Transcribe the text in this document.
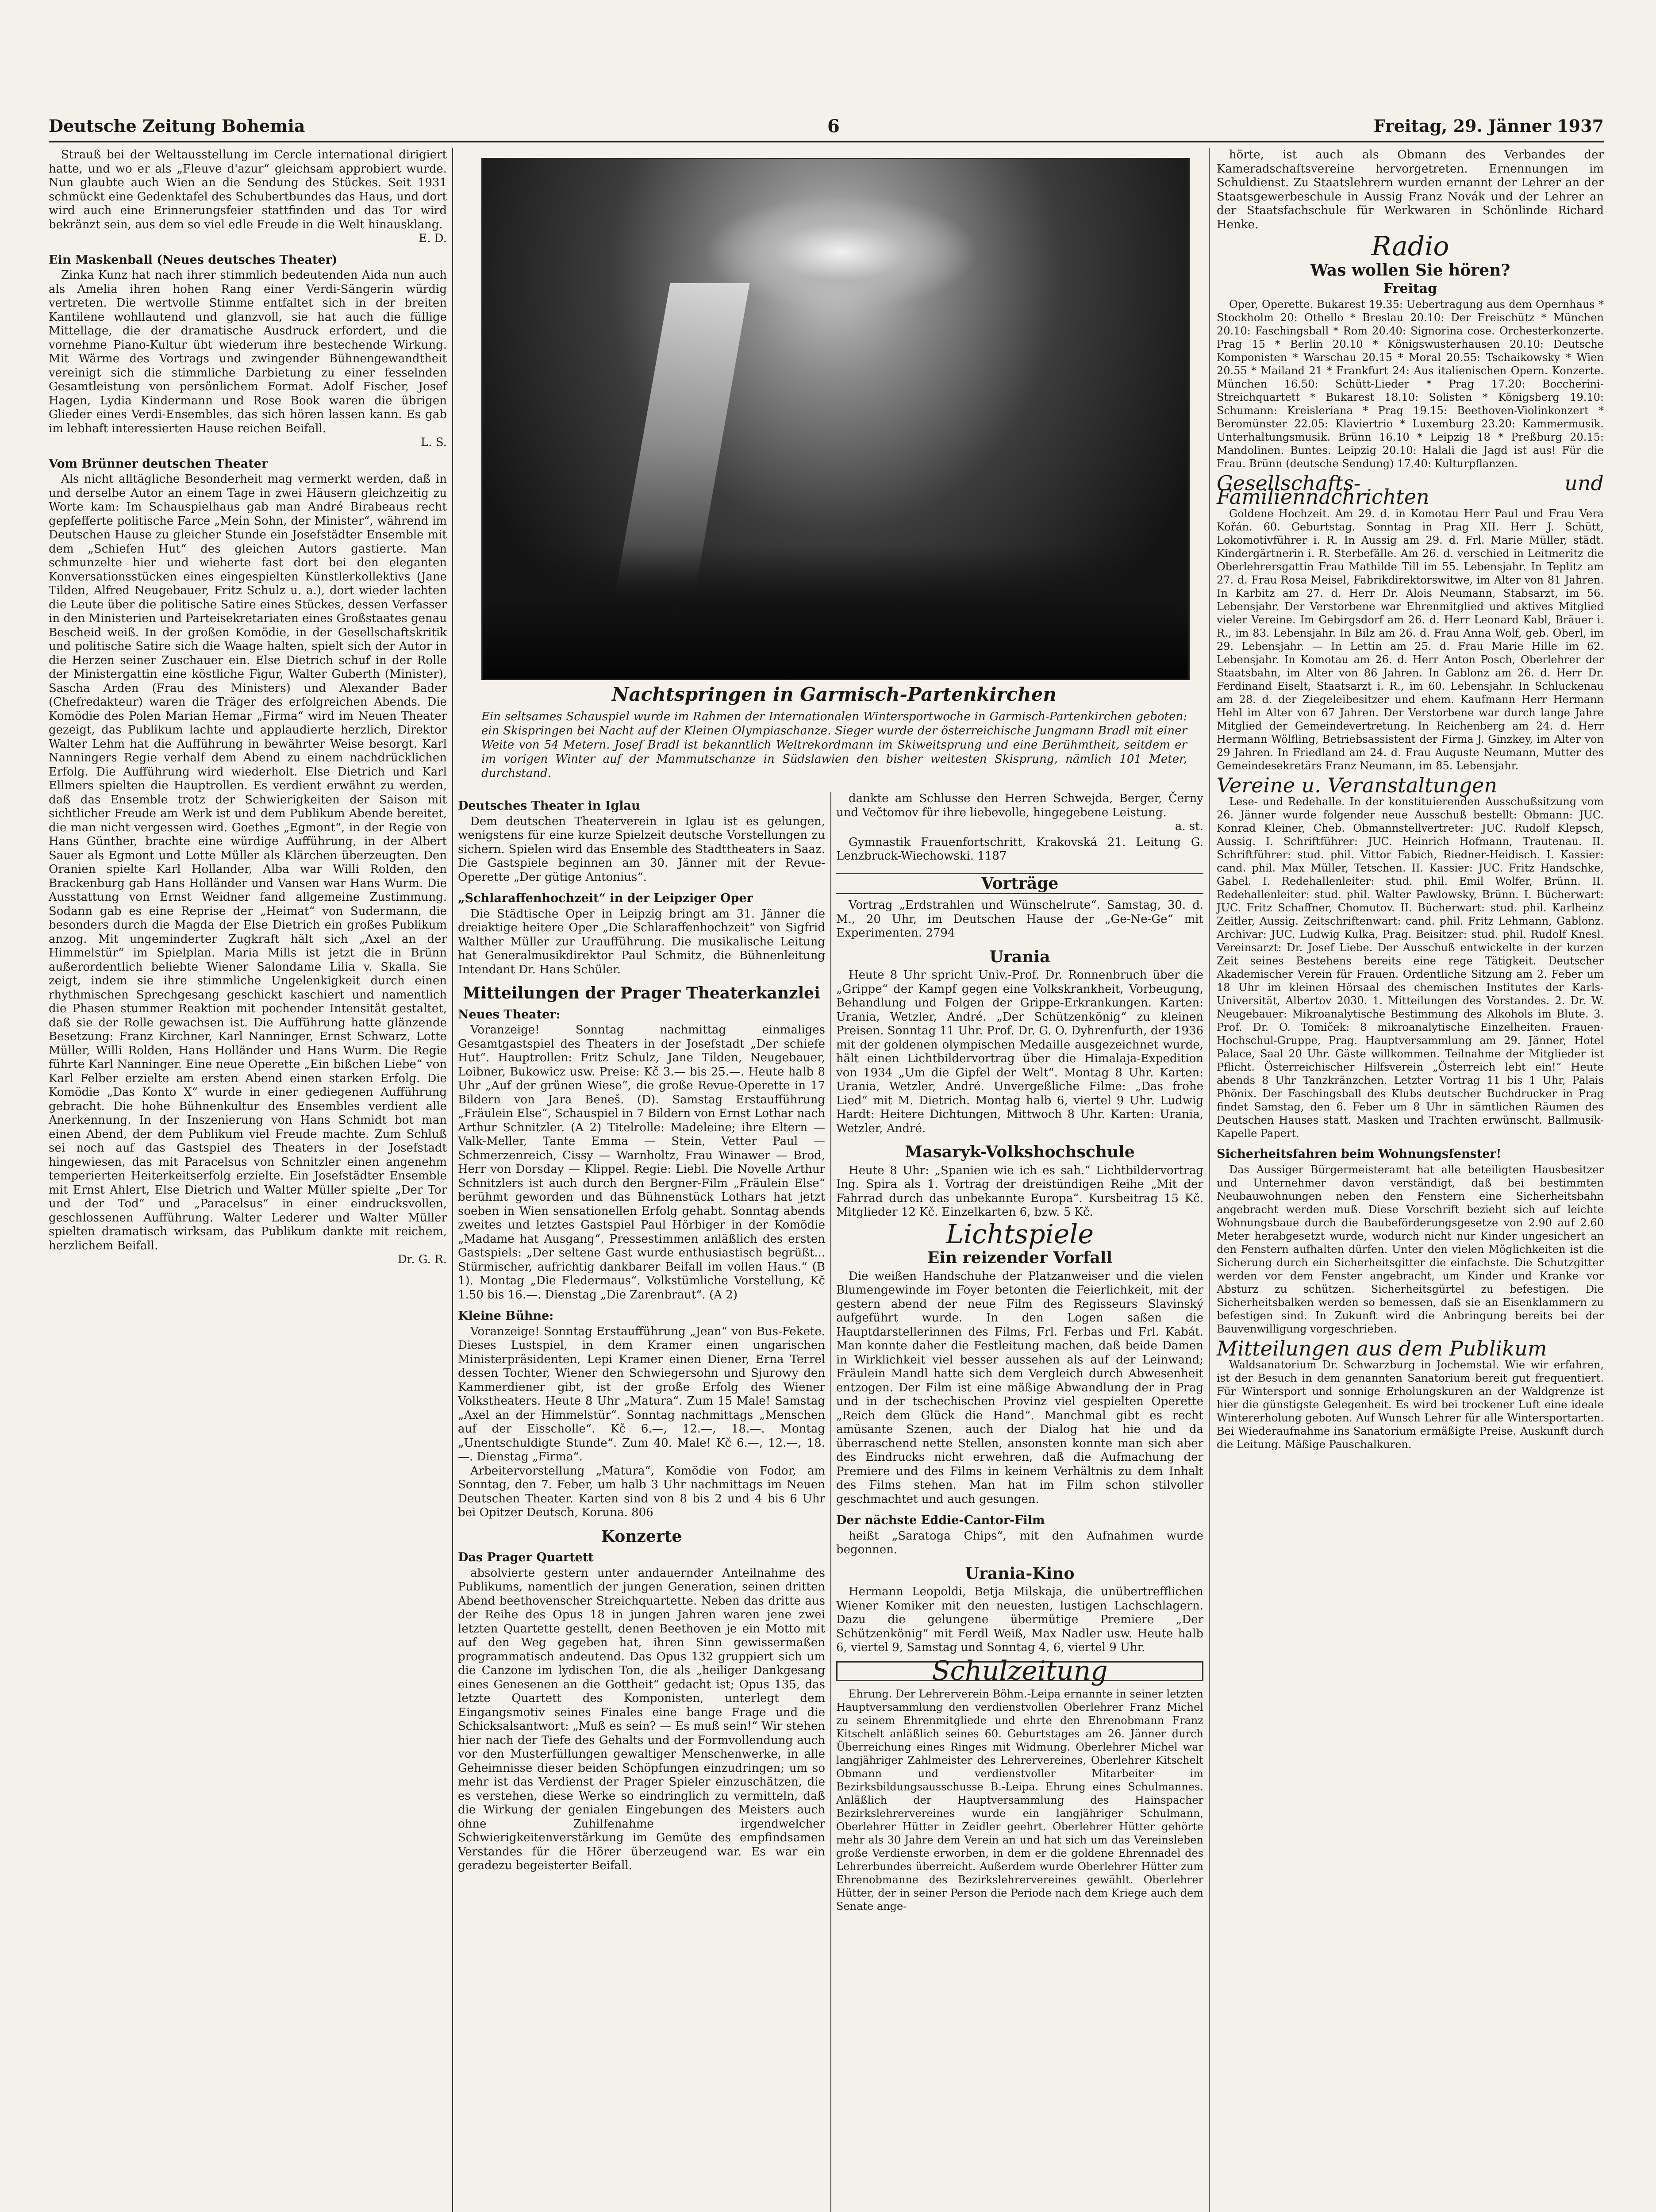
Deutsche Zeitung Bohemia	6	Freitag, 29. Jänner 1937

Strauß bei der Weltausstellung im Cercle international dirigiert hatte, und wo er als „Fleuve d'azur“ gleichsam approbiert wurde. Nun glaubte auch Wien an die Sendung des Stückes. Seit 1931 schmückt eine Gedenktafel des Schubertbundes das Haus, und dort wird auch eine Erinnerungsfeier stattfinden und das Tor wird bekränzt sein, aus dem so viel edle Freude in die Welt hinausklang.

E. D.
Ein Maskenball (Neues deutsches Theater)

Zinka Kunz hat nach ihrer stimmlich bedeutenden Aida nun auch als Amelia ihren hohen Rang einer Verdi-Sängerin würdig vertreten. Die wertvolle Stimme entfaltet sich in der breiten Kantilene wohllautend und glanzvoll, sie hat auch die füllige Mittellage, die der dramatische Ausdruck erfordert, und die vornehme Piano-Kultur übt wiederum ihre bestechende Wirkung. Mit Wärme des Vortrags und zwingender Bühnengewandtheit vereinigt sich die stimmliche Darbietung zu einer fesselnden Gesamtleistung von persönlichem Format. Adolf Fischer, Josef Hagen, Lydia Kindermann und Rose Book waren die übrigen Glieder eines Verdi-Ensembles, das sich hören lassen kann. Es gab im lebhaft interessierten Hause reichen Beifall.

L. S.
Vom Brünner deutschen Theater

Als nicht alltägliche Besonderheit mag vermerkt werden, daß in und derselbe Autor an einem Tage in zwei Häusern gleichzeitig zu Worte kam: Im Schauspielhaus gab man André Birabeaus recht gepfefferte politische Farce „Mein Sohn, der Minister“, während im Deutschen Hause zu gleicher Stunde ein Josefstädter Ensemble mit dem „Schiefen Hut“ des gleichen Autors gastierte. Man schmunzelte hier und wieherte fast dort bei den eleganten Konversationsstücken eines eingespielten Künstlerkollektivs (Jane Tilden, Alfred Neugebauer, Fritz Schulz u. a.), dort wieder lachten die Leute über die politische Satire eines Stückes, dessen Verfasser in den Ministerien und Parteisekretariaten eines Großstaates genau Bescheid weiß. In der großen Komödie, in der Gesellschaftskritik und politische Satire sich die Waage halten, spielt sich der Autor in die Herzen seiner Zuschauer ein. Else Dietrich schuf in der Rolle der Ministergattin eine köstliche Figur, Walter Guberth (Minister), Sascha Arden (Frau des Ministers) und Alexander Bader (Chefredakteur) waren die Träger des erfolgreichen Abends. Die Komödie des Polen Marian Hemar „Firma“ wird im Neuen Theater gezeigt, das Publikum lachte und applaudierte herzlich, Direktor Walter Lehm hat die Aufführung in bewährter Weise besorgt. Karl Nanningers Regie verhalf dem Abend zu einem nachdrücklichen Erfolg. Die Aufführung wird wiederholt. Else Dietrich und Karl Ellmers spielten die Hauptrollen. Es verdient erwähnt zu werden, daß das Ensemble trotz der Schwierigkeiten der Saison mit sichtlicher Freude am Werk ist und dem Publikum Abende bereitet, die man nicht vergessen wird. Goethes „Egmont“, in der Regie von Hans Günther, brachte eine würdige Aufführung, in der Albert Sauer als Egmont und Lotte Müller als Klärchen überzeugten. Den Oranien spielte Karl Hollander, Alba war Willi Rolden, den Brackenburg gab Hans Holländer und Vansen war Hans Wurm. Die Ausstattung von Ernst Weidner fand allgemeine Zustimmung. Sodann gab es eine Reprise der „Heimat“ von Sudermann, die besonders durch die Magda der Else Dietrich ein großes Publikum anzog. Mit ungeminderter Zugkraft hält sich „Axel an der Himmelstür“ im Spielplan. Maria Mills ist jetzt die in Brünn außerordentlich beliebte Wiener Salondame Lilia v. Skalla. Sie zeigt, indem sie ihre stimmliche Ungelenkigkeit durch einen rhythmischen Sprechgesang geschickt kaschiert und namentlich die Phasen stummer Reaktion mit pochender Intensität gestaltet, daß sie der Rolle gewachsen ist. Die Aufführung hatte glänzende Besetzung: Franz Kirchner, Karl Nanninger, Ernst Schwarz, Lotte Müller, Willi Rolden, Hans Holländer und Hans Wurm. Die Regie führte Karl Nanninger. Eine neue Operette „Ein bißchen Liebe“ von Karl Felber erzielte am ersten Abend einen starken Erfolg. Die Komödie „Das Konto X“ wurde in einer gediegenen Aufführung gebracht. Die hohe Bühnenkultur des Ensembles verdient alle Anerkennung. In der Inszenierung von Hans Schmidt bot man einen Abend, der dem Publikum viel Freude machte. Zum Schluß sei noch auf das Gastspiel des Theaters in der Josefstadt hingewiesen, das mit Paracelsus von Schnitzler einen angenehm temperierten Heiterkeitserfolg erzielte. Ein Josefstädter Ensemble mit Ernst Ahlert, Else Dietrich und Walter Müller spielte „Der Tor und der Tod“ und „Paracelsus“ in einer eindrucksvollen, geschlossenen Aufführung. Walter Lederer und Walter Müller spielten dramatisch wirksam, das Publikum dankte mit reichem, herzlichem Beifall.

Dr. G. R.
Nachtspringen in Garmisch-Partenkirchen
Ein seltsames Schauspiel wurde im Rahmen der Internationalen Wintersportwoche in Garmisch-Partenkirchen geboten: ein Skispringen bei Nacht auf der Kleinen Olympiaschanze. Sieger wurde der österreichische Jungmann Bradl mit einer Weite von 54 Metern. Josef Bradl ist bekanntlich Weltrekordmann im Skiweitsprung und eine Berühmtheit, seitdem er im vorigen Winter auf der Mammutschanze in Südslawien den bisher weitesten Skisprung, nämlich 101 Meter, durchstand.
Deutsches Theater in Iglau

Dem deutschen Theaterverein in Iglau ist es gelungen, wenigstens für eine kurze Spielzeit deutsche Vorstellungen zu sichern. Spielen wird das Ensemble des Stadttheaters in Saaz. Die Gastspiele beginnen am 30. Jänner mit der Revue-Operette „Der gütige Antonius“.

„Schlaraffenhochzeit“ in der Leipziger Oper

Die Städtische Oper in Leipzig bringt am 31. Jänner die dreiaktige heitere Oper „Die Schlaraffenhochzeit“ von Sigfrid Walther Müller zur Uraufführung. Die musikalische Leitung hat Generalmusikdirektor Paul Schmitz, die Bühnenleitung Intendant Dr. Hans Schüler.

Mitteilungen der Prager Theaterkanzlei
Neues Theater:

Voranzeige! Sonntag nachmittag einmaliges Gesamtgastspiel des Theaters in der Josefstadt „Der schiefe Hut“. Hauptrollen: Fritz Schulz, Jane Tilden, Neugebauer, Loibner, Bukowicz usw. Preise: Kč 3.— bis 25.—. Heute halb 8 Uhr „Auf der grünen Wiese“, die große Revue-Operette in 17 Bildern von Jara Beneš. (D). Samstag Erstaufführung „Fräulein Else“, Schauspiel in 7 Bildern von Ernst Lothar nach Arthur Schnitzler. (A 2) Titelrolle: Madeleine; ihre Eltern — Valk-Meller, Tante Emma — Stein, Vetter Paul — Schmerzenreich, Cissy — Warnholtz, Frau Winawer — Brod, Herr von Dorsday — Klippel. Regie: Liebl. Die Novelle Arthur Schnitzlers ist auch durch den Bergner-Film „Fräulein Else“ berühmt geworden und das Bühnenstück Lothars hat jetzt soeben in Wien sensationellen Erfolg gehabt. Sonntag abends zweites und letztes Gastspiel Paul Hörbiger in der Komödie „Madame hat Ausgang“. Pressestimmen anläßlich des ersten Gastspiels: „Der seltene Gast wurde enthusiastisch begrüßt... Stürmischer, aufrichtig dankbarer Beifall im vollen Haus.“ (B 1). Montag „Die Fledermaus“. Volkstümliche Vorstellung, Kč 1.50 bis 16.—. Dienstag „Die Zarenbraut“. (A 2)

Kleine Bühne:

Voranzeige! Sonntag Erstaufführung „Jean“ von Bus-Fekete. Dieses Lustspiel, in dem Kramer einen ungarischen Ministerpräsidenten, Lepi Kramer einen Diener, Erna Terrel dessen Tochter, Wiener den Schwiegersohn und Sjurowy den Kammerdiener gibt, ist der große Erfolg des Wiener Volkstheaters. Heute 8 Uhr „Matura“. Zum 15 Male! Samstag „Axel an der Himmelstür“. Sonntag nachmittags „Menschen auf der Eisscholle“. Kč 6.—, 12.—, 18.—. Montag „Unentschuldigte Stunde“. Zum 40. Male! Kč 6.—, 12.—, 18.—. Dienstag „Firma“.

Arbeitervorstellung „Matura“, Komödie von Fodor, am Sonntag, den 7. Feber, um halb 3 Uhr nachmittags im Neuen Deutschen Theater. Karten sind von 8 bis 2 und 4 bis 6 Uhr bei Opitzer Deutsch, Koruna. 806

Konzerte
Das Prager Quartett

absolvierte gestern unter andauernder Anteilnahme des Publikums, namentlich der jungen Generation, seinen dritten Abend beethovenscher Streichquartette. Neben das dritte aus der Reihe des Opus 18 in jungen Jahren waren jene zwei letzten Quartette gestellt, denen Beethoven je ein Motto mit auf den Weg gegeben hat, ihren Sinn gewissermaßen programmatisch andeutend. Das Opus 132 gruppiert sich um die Canzone im lydischen Ton, die als „heiliger Dankgesang eines Genesenen an die Gottheit“ gedacht ist; Opus 135, das letzte Quartett des Komponisten, unterlegt dem Eingangsmotiv seines Finales eine bange Frage und die Schicksalsantwort: „Muß es sein? — Es muß sein!“ Wir stehen hier nach der Tiefe des Gehalts und der Formvollendung auch vor den Musterfüllungen gewaltiger Menschenwerke, in alle Geheimnisse dieser beiden Schöpfungen einzudringen; um so mehr ist das Verdienst der Prager Spieler einzuschätzen, die es verstehen, diese Werke so eindringlich zu vermitteln, daß die Wirkung der genialen Eingebungen des Meisters auch ohne Zuhilfenahme irgendwelcher Schwierigkeitenverstärkung im Gemüte des empfindsamen Verstandes für die Hörer überzeugend war. Es war ein geradezu begeisterter Beifall.

dankte am Schlusse den Herren Schwejda, Berger, Černy und Večtomov für ihre liebevolle, hingegebene Leistung.

a. st.

Gymnastik Frauenfortschritt, Krakovská 21. Leitung G. Lenzbruck-Wiechowski. 1187

Vorträge

Vortrag „Erdstrahlen und Wünschelrute“. Samstag, 30. d. M., 20 Uhr, im Deutschen Hause der „Ge-Ne-Ge“ mit Experimenten. 2794

Urania

Heute 8 Uhr spricht Univ.-Prof. Dr. Ronnenbruch über die „Grippe“ der Kampf gegen eine Volkskrankheit, Vorbeugung, Behandlung und Folgen der Grippe-Erkrankungen. Karten: Urania, Wetzler, André. „Der Schützenkönig“ zu kleinen Preisen. Sonntag 11 Uhr. Prof. Dr. G. O. Dyhrenfurth, der 1936 mit der goldenen olympischen Medaille ausgezeichnet wurde, hält einen Lichtbildervortrag über die Himalaja-Expedition von 1934 „Um die Gipfel der Welt“. Montag 8 Uhr. Karten: Urania, Wetzler, André. Unvergeßliche Filme: „Das frohe Lied“ mit M. Dietrich. Montag halb 6, viertel 9 Uhr. Ludwig Hardt: Heitere Dichtungen, Mittwoch 8 Uhr. Karten: Urania, Wetzler, André.

Masaryk-Volkshochschule

Heute 8 Uhr: „Spanien wie ich es sah.“ Lichtbildervortrag Ing. Spira als 1. Vortrag der dreistündigen Reihe „Mit der Fahrrad durch das unbekannte Europa“. Kursbeitrag 15 Kč. Mitglieder 12 Kč. Einzelkarten 6, bzw. 5 Kč.

Lichtspiele
Ein reizender Vorfall

Die weißen Handschuhe der Platzanweiser und die vielen Blumengewinde im Foyer betonten die Feierlichkeit, mit der gestern abend der neue Film des Regisseurs Slavinský aufgeführt wurde. In den Logen saßen die Hauptdarstellerinnen des Films, Frl. Ferbas und Frl. Kabát. Man konnte daher die Festleitung machen, daß beide Damen in Wirklichkeit viel besser aussehen als auf der Leinwand; Fräulein Mandl hatte sich dem Vergleich durch Abwesenheit entzogen. Der Film ist eine mäßige Abwandlung der in Prag und in der tschechischen Provinz viel gespielten Operette „Reich dem Glück die Hand“. Manchmal gibt es recht amüsante Szenen, auch der Dialog hat hie und da überraschend nette Stellen, ansonsten konnte man sich aber des Eindrucks nicht erwehren, daß die Aufmachung der Premiere und des Films in keinem Verhältnis zu dem Inhalt des Films stehen. Man hat im Film schon stilvoller geschmachtet und auch gesungen.

Der nächste Eddie-Cantor-Film

heißt „Saratoga Chips“, mit den Aufnahmen wurde begonnen.

Urania-Kino

Hermann Leopoldi, Betja Milskaja, die unübertrefflichen Wiener Komiker mit den neuesten, lustigen Lachschlagern. Dazu die gelungene übermütige Premiere „Der Schützenkönig“ mit Ferdl Weiß, Max Nadler usw. Heute halb 6, viertel 9, Samstag und Sonntag 4, 6, viertel 9 Uhr.

Schulzeitung

Ehrung. Der Lehrerverein Böhm.-Leipa ernannte in seiner letzten Hauptversammlung den verdienstvollen Oberlehrer Franz Michel zu seinem Ehrenmitgliede und ehrte den Ehrenobmann Franz Kitschelt anläßlich seines 60. Geburtstages am 26. Jänner durch Überreichung eines Ringes mit Widmung. Oberlehrer Michel war langjähriger Zahlmeister des Lehrervereines, Oberlehrer Kitschelt Obmann und verdienstvoller Mitarbeiter im Bezirksbildungsausschusse B.-Leipa. Ehrung eines Schulmannes. Anläßlich der Hauptversammlung des Hainspacher Bezirkslehrervereines wurde ein langjähriger Schulmann, Oberlehrer Hütter in Zeidler geehrt. Oberlehrer Hütter gehörte mehr als 30 Jahre dem Verein an und hat sich um das Vereinsleben große Verdienste erworben, in dem er die goldene Ehrennadel des Lehrerbundes überreicht. Außerdem wurde Oberlehrer Hütter zum Ehrenobmanne des Bezirkslehrervereines gewählt. Oberlehrer Hütter, der in seiner Person die Periode nach dem Kriege auch dem Senate ange-

hörte, ist auch als Obmann des Verbandes der Kameradschaftsvereine hervorgetreten. Ernennungen im Schuldienst. Zu Staatslehrern wurden ernannt der Lehrer an der Staatsgewerbeschule in Aussig Franz Novák und der Lehrer an der Staatsfachschule für Werkwaren in Schönlinde Richard Henke.

Radio
Was wollen Sie hören?
Freitag

Oper, Operette. Bukarest 19.35: Uebertragung aus dem Opernhaus * Stockholm 20: Othello * Breslau 20.10: Der Freischütz * München 20.10: Faschingsball * Rom 20.40: Signorina cose. Orchesterkonzerte. Prag 15 * Berlin 20.10 * Königswusterhausen 20.10: Deutsche Komponisten * Warschau 20.15 * Moral 20.55: Tschaikowsky * Wien 20.55 * Mailand 21 * Frankfurt 24: Aus italienischen Opern. Konzerte. München 16.50: Schütt-Lieder * Prag 17.20: Boccherini-Streichquartett * Bukarest 18.10: Solisten * Königsberg 19.10: Schumann: Kreisleriana * Prag 19.15: Beethoven-Violinkonzert * Beromünster 22.05: Klaviertrio * Luxemburg 23.20: Kammermusik. Unterhaltungsmusik. Brünn 16.10 * Leipzig 18 * Preßburg 20.15: Mandolinen. Buntes. Leipzig 20.10: Halali die Jagd ist aus! Für die Frau. Brünn (deutsche Sendung) 17.40: Kulturpflanzen.

Gesellschafts- und Familiennachrichten

Goldene Hochzeit. Am 29. d. in Komotau Herr Paul und Frau Vera Kořán. 60. Geburtstag. Sonntag in Prag XII. Herr J. Schütt, Lokomotivführer i. R. In Aussig am 29. d. Frl. Marie Müller, städt. Kindergärtnerin i. R. Sterbefälle. Am 26. d. verschied in Leitmeritz die Oberlehrersgattin Frau Mathilde Till im 55. Lebensjahr. In Teplitz am 27. d. Frau Rosa Meisel, Fabrikdirektorswitwe, im Alter von 81 Jahren. In Karbitz am 27. d. Herr Dr. Alois Neumann, Stabsarzt, im 56. Lebensjahr. Der Verstorbene war Ehrenmitglied und aktives Mitglied vieler Vereine. Im Gebirgsdorf am 26. d. Herr Leonard Kabl, Bräuer i. R., im 83. Lebensjahr. In Bilz am 26. d. Frau Anna Wolf, geb. Oberl, im 29. Lebensjahr. — In Lettin am 25. d. Frau Marie Hille im 62. Lebensjahr. In Komotau am 26. d. Herr Anton Posch, Oberlehrer der Staatsbahn, im Alter von 86 Jahren. In Gablonz am 26. d. Herr Dr. Ferdinand Eiselt, Staatsarzt i. R., im 60. Lebensjahr. In Schluckenau am 28. d. der Ziegeleibesitzer und ehem. Kaufmann Herr Hermann Hehl im Alter von 67 Jahren. Der Verstorbene war durch lange Jahre Mitglied der Gemeindevertretung. In Reichenberg am 24. d. Herr Hermann Wölfling, Betriebsassistent der Firma J. Ginzkey, im Alter von 29 Jahren. In Friedland am 24. d. Frau Auguste Neumann, Mutter des Gemeindesekretärs Franz Neumann, im 85. Lebensjahr.

Vereine u. Veranstaltungen

Lese- und Redehalle. In der konstituierenden Ausschußsitzung vom 26. Jänner wurde folgender neue Ausschuß bestellt: Obmann: JUC. Konrad Kleiner, Cheb. Obmannstellvertreter: JUC. Rudolf Klepsch, Aussig. I. Schriftführer: JUC. Heinrich Hofmann, Trautenau. II. Schriftführer: stud. phil. Vittor Fabich, Riedner-Heidisch. I. Kassier: cand. phil. Max Müller, Tetschen. II. Kassier: JUC. Fritz Handschke, Gabel. I. Redehallenleiter: stud. phil. Emil Wolfer, Brünn. II. Redehallenleiter: stud. phil. Walter Pawlowsky, Brünn. I. Bücherwart: JUC. Fritz Schaffner, Chomutov. II. Bücherwart: stud. phil. Karlheinz Zeitler, Aussig. Zeitschriftenwart: cand. phil. Fritz Lehmann, Gablonz. Archivar: JUC. Ludwig Kulka, Prag. Beisitzer: stud. phil. Rudolf Knesl. Vereinsarzt: Dr. Josef Liebe. Der Ausschuß entwickelte in der kurzen Zeit seines Bestehens bereits eine rege Tätigkeit. Deutscher Akademischer Verein für Frauen. Ordentliche Sitzung am 2. Feber um 18 Uhr im kleinen Hörsaal des chemischen Institutes der Karls-Universität, Albertov 2030. 1. Mitteilungen des Vorstandes. 2. Dr. W. Neugebauer: Mikroanalytische Bestimmung des Alkohols im Blute. 3. Prof. Dr. O. Tomiček: 8 mikroanalytische Einzelheiten. Frauen-Hochschul-Gruppe, Prag. Hauptversammlung am 29. Jänner, Hotel Palace, Saal 20 Uhr. Gäste willkommen. Teilnahme der Mitglieder ist Pflicht. Österreichischer Hilfsverein „Österreich lebt ein!“ Heute abends 8 Uhr Tanzkränzchen. Letzter Vortrag 11 bis 1 Uhr, Palais Phönix. Der Faschingsball des Klubs deutscher Buchdrucker in Prag findet Samstag, den 6. Feber um 8 Uhr in sämtlichen Räumen des Deutschen Hauses statt. Masken und Trachten erwünscht. Ballmusik-Kapelle Papert.

Sicherheitsfahren beim Wohnungsfenster!

Das Aussiger Bürgermeisteramt hat alle beteiligten Hausbesitzer und Unternehmer davon verständigt, daß bei bestimmten Neubauwohnungen neben den Fenstern eine Sicherheitsbahn angebracht werden muß. Diese Vorschrift bezieht sich auf leichte Wohnungsbaue durch die Baubeförderungsgesetze von 2.90 auf 2.60 Meter herabgesetzt wurde, wodurch nicht nur Kinder ungesichert an den Fenstern aufhalten dürfen. Unter den vielen Möglichkeiten ist die Sicherung durch ein Sicherheitsgitter die einfachste. Die Schutzgitter werden vor dem Fenster angebracht, um Kinder und Kranke vor Absturz zu schützen. Sicherheitsgürtel zu befestigen. Die Sicherheitsbalken werden so bemessen, daß sie an Eisenklammern zu befestigen sind. In Zukunft wird die Anbringung bereits bei der Bauvenwilligung vorgeschrieben.

Mitteilungen aus dem Publikum

Waldsanatorium Dr. Schwarzburg in Jochemstal. Wie wir erfahren, ist der Besuch in dem genannten Sanatorium bereit gut frequentiert. Für Wintersport und sonnige Erholungskuren an der Waldgrenze ist hier die günstigste Gelegenheit. Es wird bei trockener Luft eine ideale Wintererholung geboten. Auf Wunsch Lehrer für alle Wintersportarten. Bei Wiederaufnahme ins Sanatorium ermäßigte Preise. Auskunft durch die Leitung. Mäßige Pauschalkuren.
